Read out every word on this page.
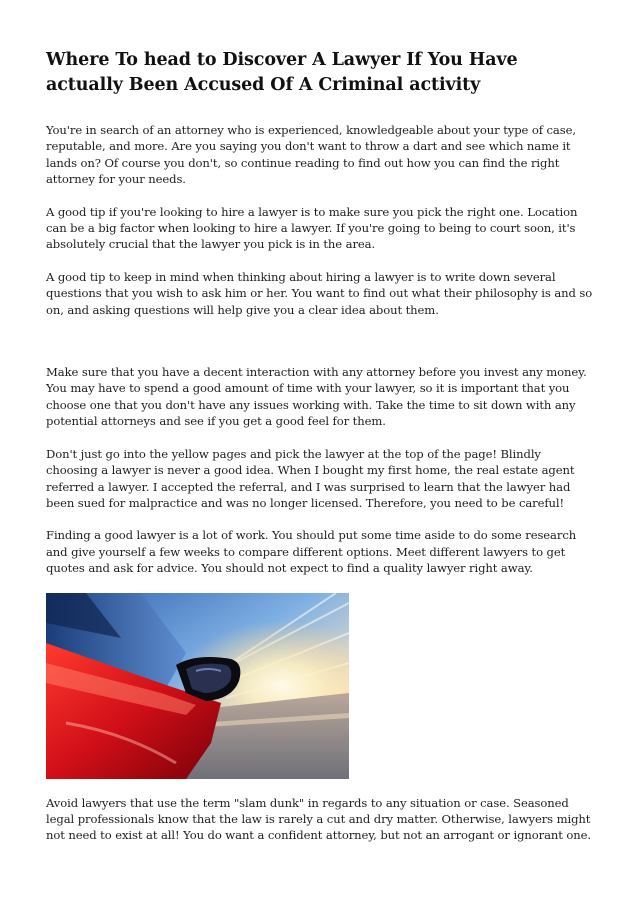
Where To head to Discover A Lawyer If You Have actually Been Accused Of A Criminal activity

You're in search of an attorney who is experienced, knowledgeable about your type of case, reputable, and more. Are you saying you don't want to throw a dart and see which name it lands on? Of course you don't, so continue reading to find out how you can find the right attorney for your needs.

A good tip if you're looking to hire a lawyer is to make sure you pick the right one. Location can be a big factor when looking to hire a lawyer. If you're going to being to court soon, it's absolutely crucial that the lawyer you pick is in the area.

A good tip to keep in mind when thinking about hiring a lawyer is to write down several questions that you wish to ask him or her. You want to find out what their philosophy is and so on, and asking questions will help give you a clear idea about them.

Make sure that you have a decent interaction with any attorney before you invest any money. You may have to spend a good amount of time with your lawyer, so it is important that you choose one that you don't have any issues working with. Take the time to sit down with any potential attorneys and see if you get a good feel for them.

Don't just go into the yellow pages and pick the lawyer at the top of the page! Blindly choosing a lawyer is never a good idea. When I bought my first home, the real estate agent referred a lawyer. I accepted the referral, and I was surprised to learn that the lawyer had been sued for malpractice and was no longer licensed. Therefore, you need to be careful!

Finding a good lawyer is a lot of work. You should put some time aside to do some research and give yourself a few weeks to compare different options. Meet different lawyers to get quotes and ask for advice. You should not expect to find a quality lawyer right away.

Avoid lawyers that use the term "slam dunk" in regards to any situation or case. Seasoned legal professionals know that the law is rarely a cut and dry matter. Otherwise, lawyers might not need to exist at all! You do want a confident attorney, but not an arrogant or ignorant one.
